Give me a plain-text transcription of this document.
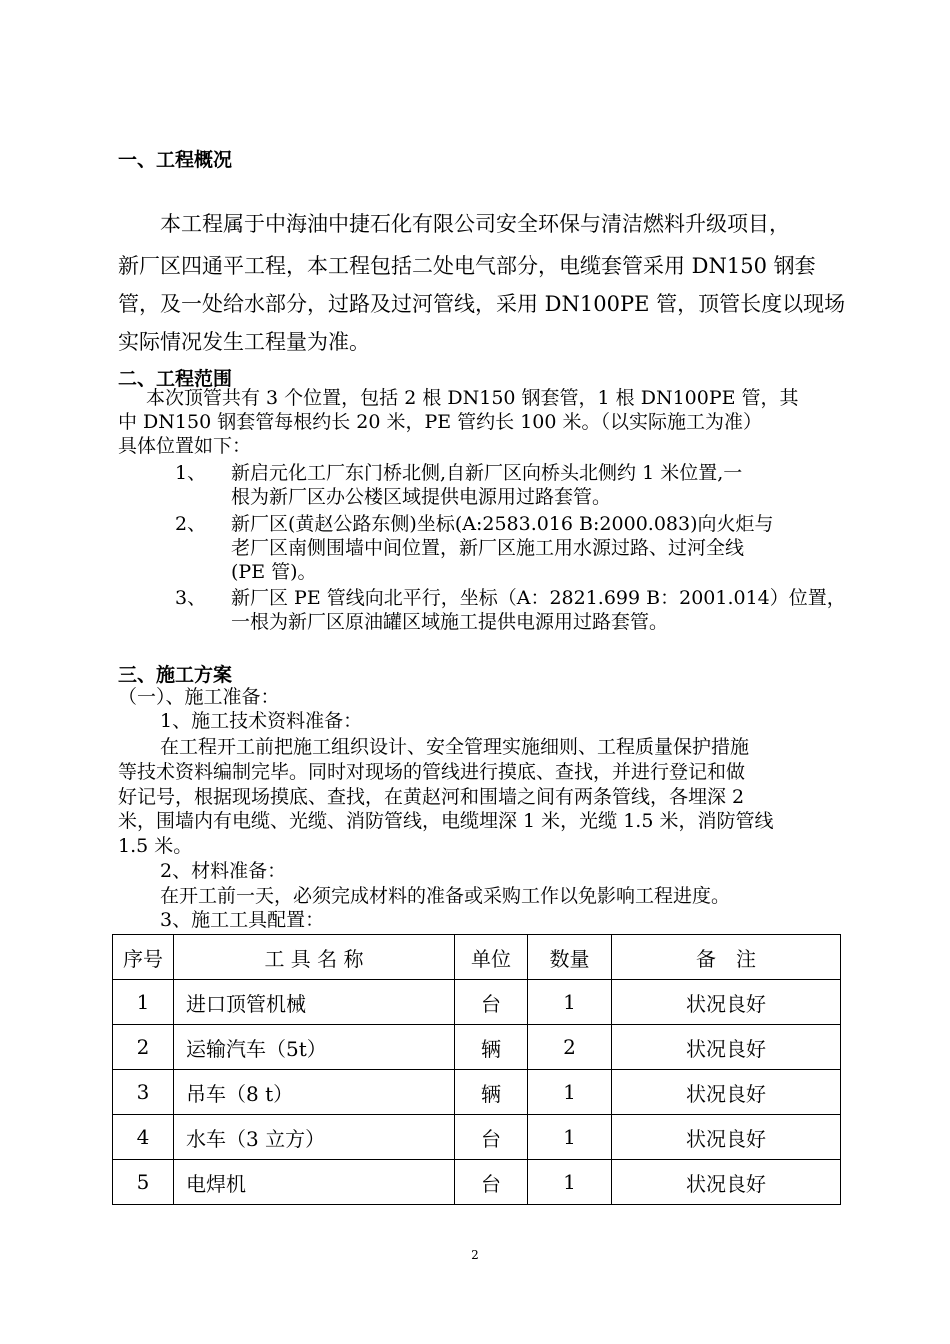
一、工程概况
本工程属于中海油中捷石化有限公司安全环保与清洁燃料升级项目，
新厂区四通平工程，本工程包括二处电气部分，电缆套管采用 DN150 钢套
管，及一处给水部分，过路及过河管线，采用 DN100PE 管，顶管长度以现场
实际情况发生工程量为准。
二、工程范围
本次顶管共有 3 个位置，包括 2 根 DN150 钢套管，1 根 DN100PE 管，其
中 DN150 钢套管每根约长 20 米，PE 管约长 100 米。（以实际施工为准）
具体位置如下：
1、 新启元化工厂东门桥北侧,自新厂区向桥头北侧约 1 米位置,一
根为新厂区办公楼区域提供电源用过路套管。
2、 新厂区(黄赵公路东侧)坐标(A:2583.016 B:2000.083)向火炬与
老厂区南侧围墙中间位置，新厂区施工用水源过路、过河全线
(PE 管)。
3、 新厂区 PE 管线向北平行，坐标（A：2821.699 B：2001.014）位置，
一根为新厂区原油罐区域施工提供电源用过路套管。
三、施工方案
（一）、施工准备：
1、施工技术资料准备：
在工程开工前把施工组织设计、安全管理实施细则、工程质量保护措施
等技术资料编制完毕。同时对现场的管线进行摸底、查找，并进行登记和做
好记号，根据现场摸底、查找，在黄赵河和围墙之间有两条管线，各埋深 2
米，围墙内有电缆、光缆、消防管线，电缆埋深 1 米，光缆 1.5 米，消防管线
1.5 米。
2、材料准备：
在开工前一天，必须完成材料的准备或采购工作以免影响工程进度。
3、施工工具配置：
序号	工 具 名 称	单位	数量	备　注
1	进口顶管机械	台	1	状况良好
2	运输汽车（5t）	辆	2	状况良好
3	吊车（8 t）	辆	1	状况良好
4	水车（3 立方）	台	1	状况良好
5	电焊机	台	1	状况良好
2
